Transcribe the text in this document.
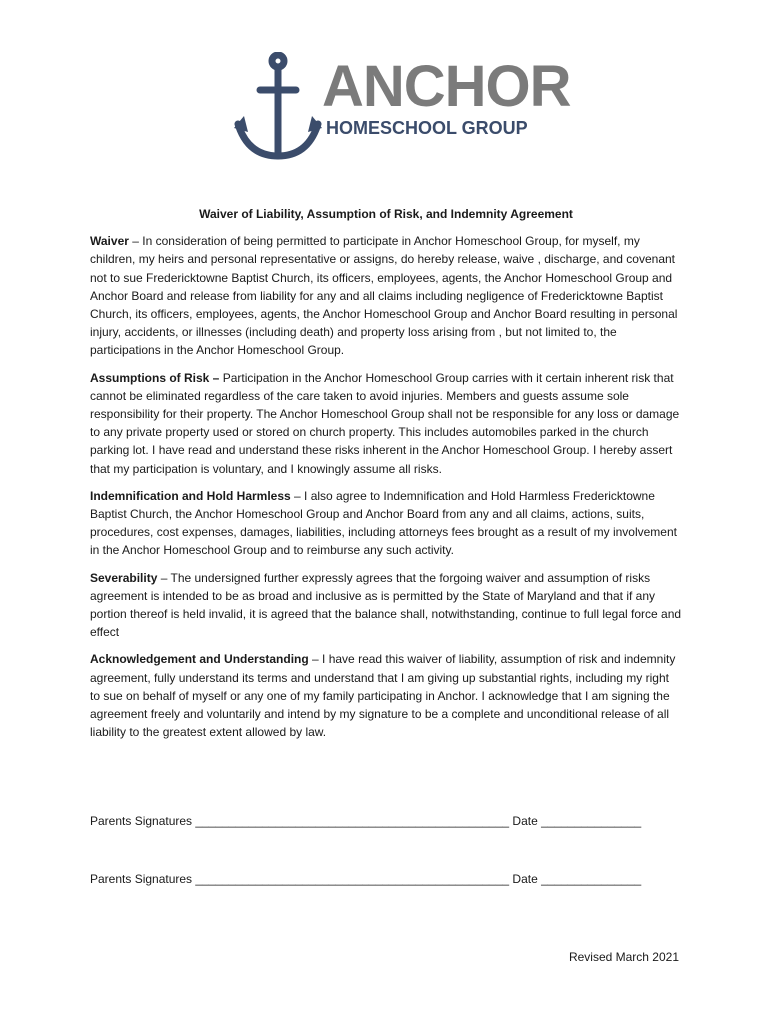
ANCHOR
HOMESCHOOL GROUP
Waiver of Liability, Assumption of Risk, and Indemnity Agreement

Waiver – In consideration of being permitted to participate in Anchor Homeschool Group, for myself, my children, my heirs and personal representative or assigns, do hereby release, waive , discharge, and covenant not to sue Fredericktowne Baptist Church, its officers, employees, agents, the Anchor Homeschool Group and Anchor Board and release from liability for any and all claims including negligence of Fredericktowne Baptist Church, its officers, employees, agents, the Anchor Homeschool Group and Anchor Board resulting in personal injury, accidents, or illnesses (including death) and property loss arising from , but not limited to, the participations in the Anchor Homeschool Group.

Assumptions of Risk – Participation in the Anchor Homeschool Group carries with it certain inherent risk that cannot be eliminated regardless of the care taken to avoid injuries. Members and guests assume sole responsibility for their property. The Anchor Homeschool Group shall not be responsible for any loss or damage to any private property used or stored on church property. This includes automobiles parked in the church parking lot. I have read and understand these risks inherent in the Anchor Homeschool Group. I hereby assert that my participation is voluntary, and I knowingly assume all risks.

Indemnification and Hold Harmless – I also agree to Indemnification and Hold Harmless Fredericktowne Baptist Church, the Anchor Homeschool Group and Anchor Board from any and all claims, actions, suits, procedures, cost expenses, damages, liabilities, including attorneys fees brought as a result of my involvement in the Anchor Homeschool Group and to reimburse any such activity.

Severability – The undersigned further expressly agrees that the forgoing waiver and assumption of risks agreement is intended to be as broad and inclusive as is permitted by the State of Maryland and that if any portion thereof is held invalid, it is agreed that the balance shall, notwithstanding, continue to full legal force and effect

Acknowledgement and Understanding – I have read this waiver of liability, assumption of risk and indemnity agreement, fully understand its terms and understand that I am giving up substantial rights, including my right to sue on behalf of myself or any one of my family participating in Anchor. I acknowledge that I am signing the agreement freely and voluntarily and intend by my signature to be a complete and unconditional release of all liability to the greatest extent allowed by law.

Parents Signatures _______________________________________________ Date _______________
Parents Signatures _______________________________________________ Date _______________
Revised March 2021
